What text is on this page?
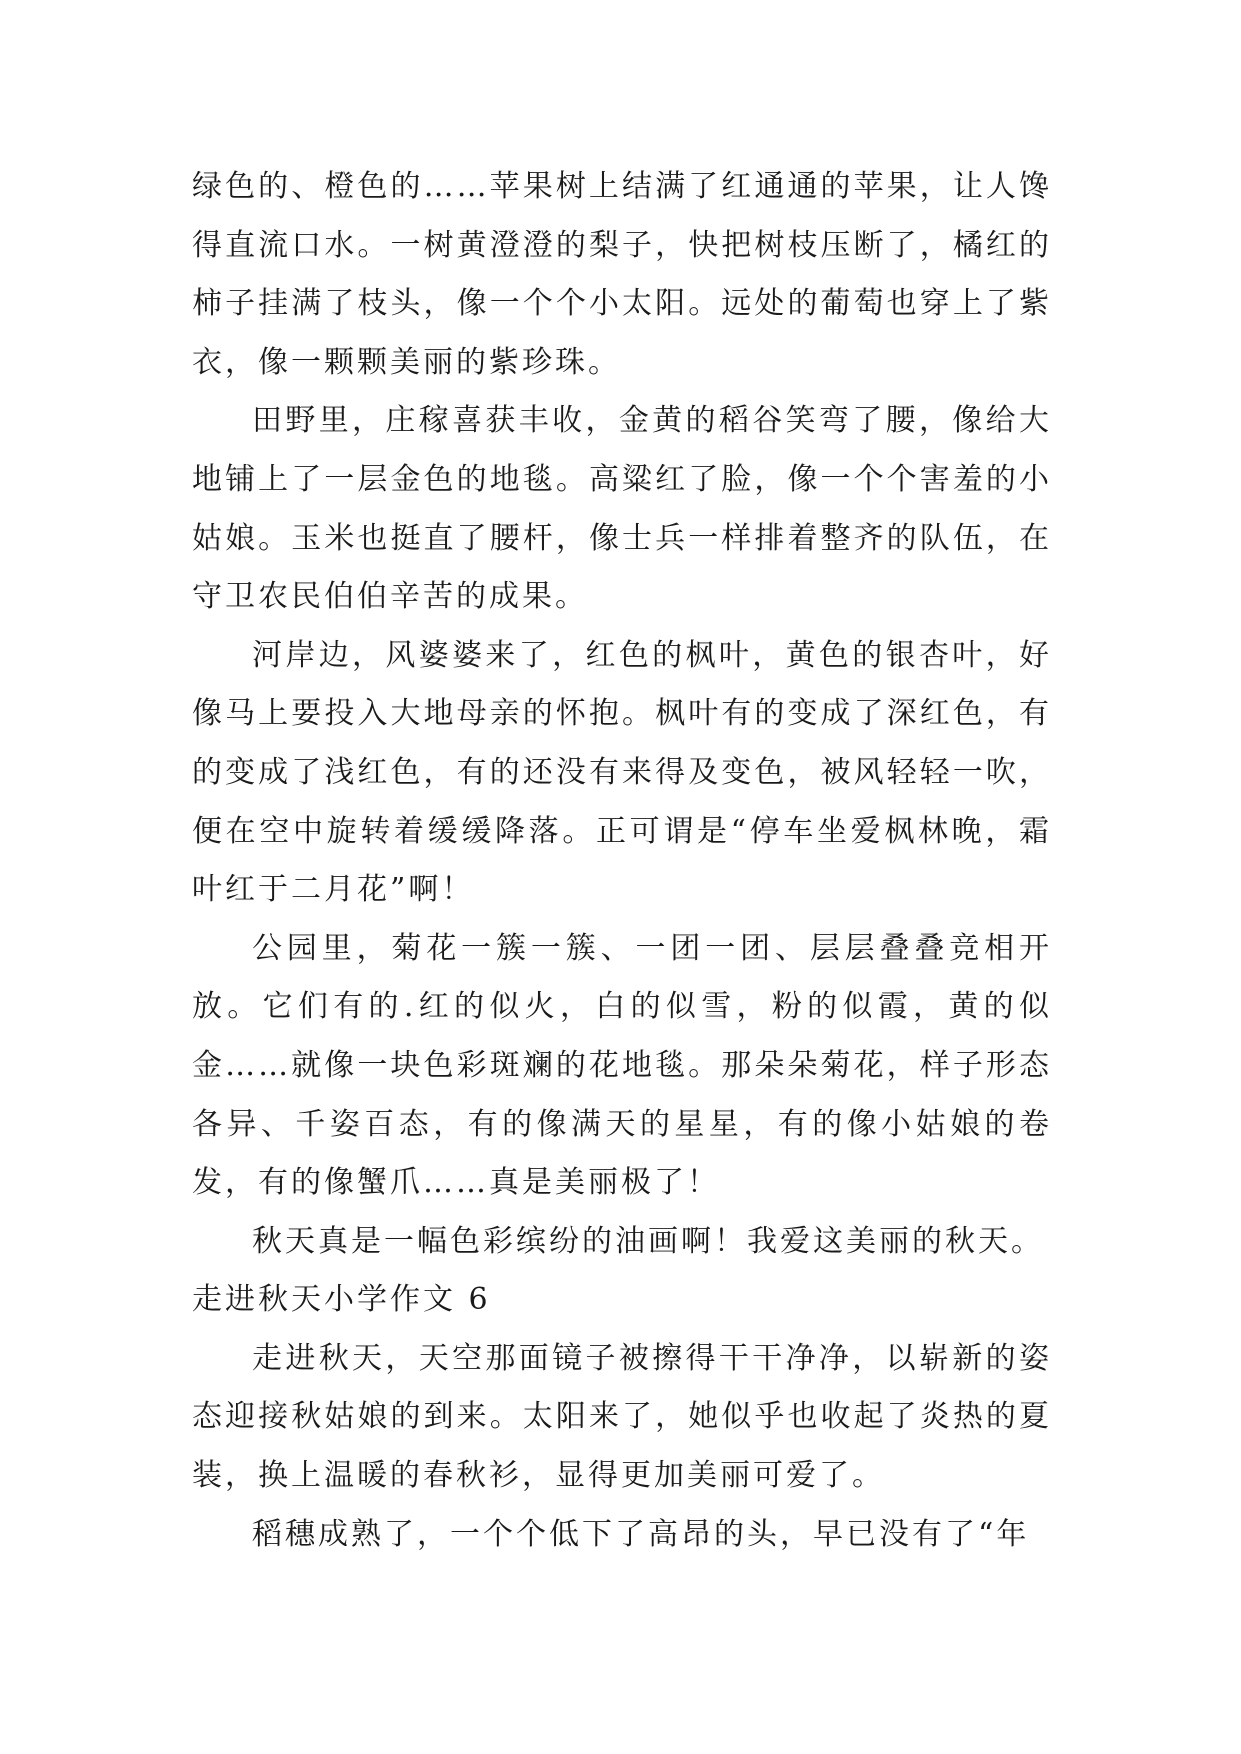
绿色的、橙色的……苹果树上结满了红通通的苹果，让人馋得直流口水。一树黄澄澄的梨子，快把树枝压断了，橘红的柿子挂满了枝头，像一个个小太阳。远处的葡萄也穿上了紫衣，像一颗颗美丽的紫珍珠。

田野里，庄稼喜获丰收，金黄的稻谷笑弯了腰，像给大地铺上了一层金色的地毯。高粱红了脸，像一个个害羞的小姑娘。玉米也挺直了腰杆，像士兵一样排着整齐的队伍，在守卫农民伯伯辛苦的成果。

河岸边，风婆婆来了，红色的枫叶，黄色的银杏叶，好像马上要投入大地母亲的怀抱。枫叶有的变成了深红色，有的变成了浅红色，有的还没有来得及变色，被风轻轻一吹，便在空中旋转着缓缓降落。正可谓是“停车坐爱枫林晚，霜叶红于二月花”啊！

公园里，菊花一簇一簇、一团一团、层层叠叠竞相开放。它们有的.红的似火，白的似雪，粉的似霞，黄的似金……就像一块色彩斑斓的花地毯。那朵朵菊花，样子形态各异、千姿百态，有的像满天的星星，有的像小姑娘的卷发，有的像蟹爪……真是美丽极了！

秋天真是一幅色彩缤纷的油画啊！我爱这美丽的秋天。

走进秋天小学作文 6

走进秋天，天空那面镜子被擦得干干净净，以崭新的姿态迎接秋姑娘的到来。太阳来了，她似乎也收起了炎热的夏装，换上温暖的春秋衫，显得更加美丽可爱了。

稻穗成熟了，一个个低下了高昂的头，早已没有了“年
